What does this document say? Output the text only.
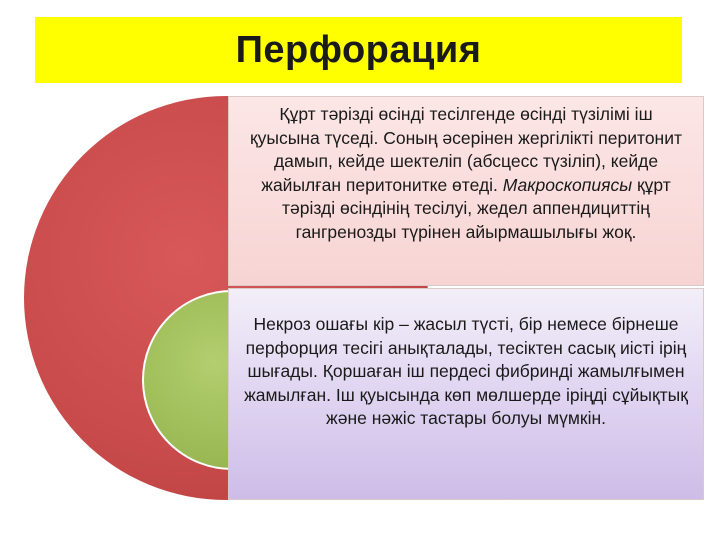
Перфорация
Құрт тәрізді өсінді тесілгенде өсінді түзілімі іш қуысына түседі. Соның әсерінен жергілікті перитонит дамып, кейде шектеліп (абсцесс түзіліп), кейде жайылған перитонитке өтеді. Макроскопиясы құрт тәрізді өсіндінің тесілуі, жедел аппендициттің гангренозды түрінен айырмашылығы жоқ.
Некроз ошағы кір – жасыл түсті, бір немесе бірнеше перфорция тесігі анықталады, тесіктен сасық иісті ірің шығады. Қоршаған іш пердесі фибринді жамылғымен жамылған. Іш қуысында көп мөлшерде іріңді сұйықтық және нәжіс тастары болуы мүмкін.
